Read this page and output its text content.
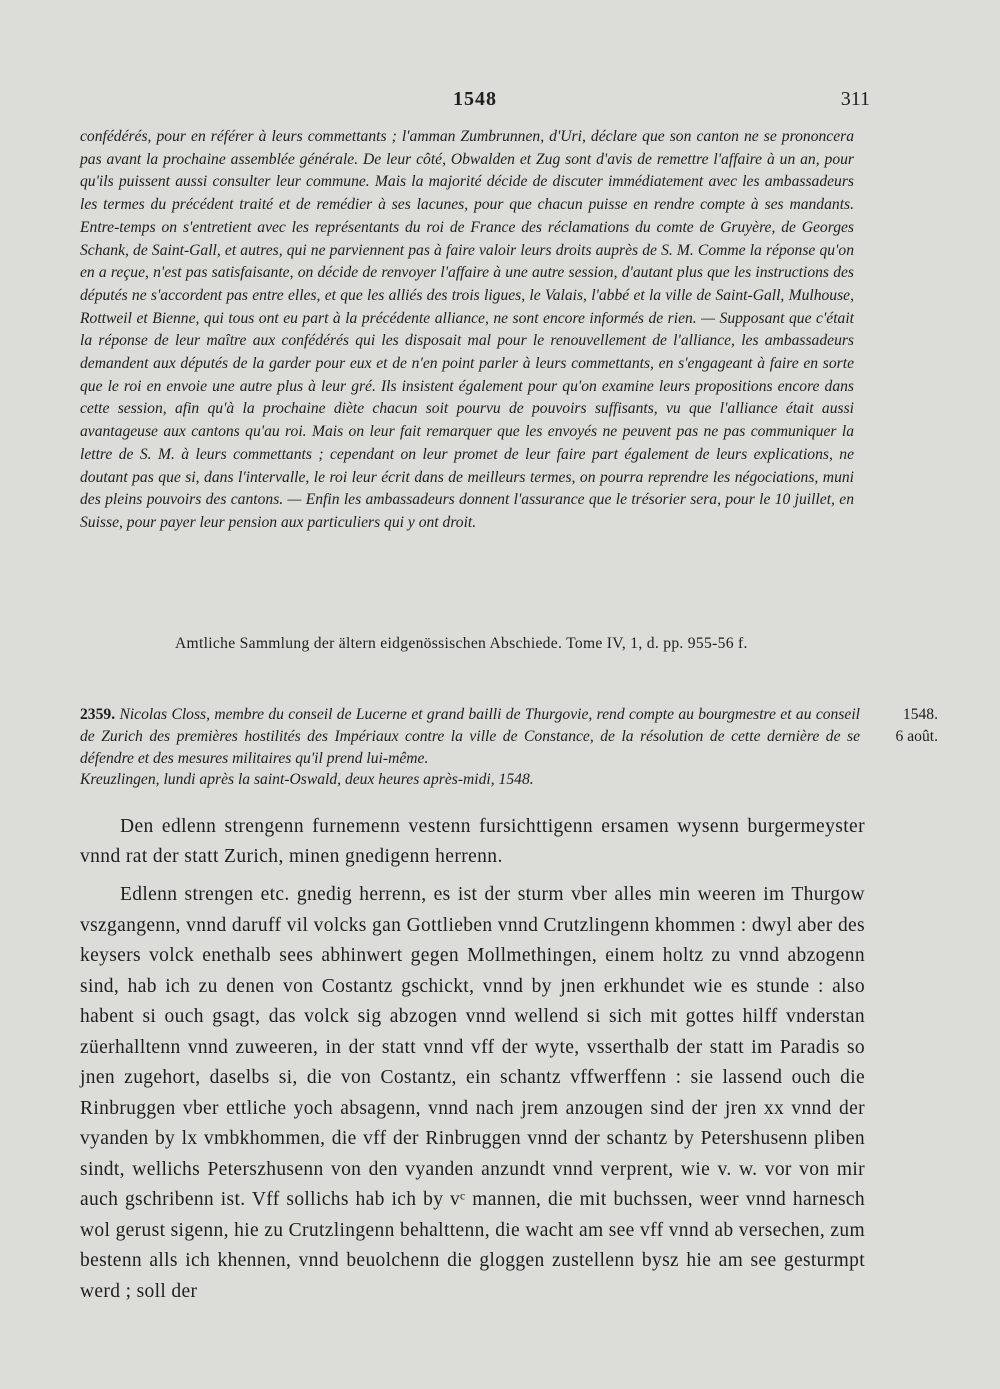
1548	311

confédérés, pour en référer à leurs commettants ; l'amman Zumbrunnen, d'Uri, déclare que son canton ne se prononcera pas avant la prochaine assemblée générale. De leur côté, Obwalden et Zug sont d'avis de remettre l'affaire à un an, pour qu'ils puissent aussi consulter leur commune. Mais la majorité décide de discuter immédiatement avec les ambassadeurs les termes du précédent traité et de remédier à ses lacunes, pour que chacun puisse en rendre compte à ses mandants. Entre-temps on s'entretient avec les représentants du roi de France des réclamations du comte de Gruyère, de Georges Schank, de Saint-Gall, et autres, qui ne parviennent pas à faire valoir leurs droits auprès de S. M. Comme la réponse qu'on en a reçue, n'est pas satisfaisante, on décide de renvoyer l'affaire à une autre session, d'autant plus que les instructions des députés ne s'accordent pas entre elles, et que les alliés des trois ligues, le Valais, l'abbé et la ville de Saint-Gall, Mulhouse, Rottweil et Bienne, qui tous ont eu part à la précédente alliance, ne sont encore informés de rien. — Supposant que c'était la réponse de leur maître aux confédérés qui les disposait mal pour le renouvellement de l'alliance, les ambassadeurs demandent aux députés de la garder pour eux et de n'en point parler à leurs commettants, en s'engageant à faire en sorte que le roi en envoie une autre plus à leur gré. Ils insistent également pour qu'on examine leurs propositions encore dans cette session, afin qu'à la prochaine diète chacun soit pourvu de pouvoirs suffisants, vu que l'alliance était aussi avantageuse aux cantons qu'au roi. Mais on leur fait remarquer que les envoyés ne peuvent pas ne pas communiquer la lettre de S. M. à leurs commettants ; cependant on leur promet de leur faire part également de leurs explications, ne doutant pas que si, dans l'intervalle, le roi leur écrit dans de meilleurs termes, on pourra reprendre les négociations, muni des pleins pouvoirs des cantons. — Enfin les ambassadeurs donnent l'assurance que le trésorier sera, pour le 10 juillet, en Suisse, pour payer leur pension aux particuliers qui y ont droit.

Amtliche Sammlung der ältern eidgenössischen Abschiede. Tome IV, 1, d. pp. 955-56 f.

2359. Nicolas Closs, membre du conseil de Lucerne et grand bailli de Thurgovie, rend compte au bourgmestre et au conseil de Zurich des premières hostilités des Impériaux contre la ville de Constance, de la résolution de cette dernière de se défendre et des mesures militaires qu'il prend lui-même.

1548.
6 août.

Kreuzlingen, lundi après la saint-Oswald, deux heures après-midi, 1548.

Den edlenn strengenn furnemenn vestenn fursichttigenn ersamen wysenn burgermeyster vnnd rat der statt Zurich, minen gnedigenn herrenn.

Edlenn strengen etc. gnedig herrenn, es ist der sturm vber alles min weeren im Thurgow vszgangenn, vnnd daruff vil volcks gan Gottlieben vnnd Crutzlingenn khommen : dwyl aber des keysers volck enethalb sees abhinwert gegen Mollmethingen, einem holtz zu vnnd abzogenn sind, hab ich zu denen von Costantz gschickt, vnnd by jnen erkhundet wie es stunde : also habent si ouch gsagt, das volck sig abzogen vnnd wellend si sich mit gottes hilff vnderstan züerhalltenn vnnd zuweeren, in der statt vnnd vff der wyte, vsserthalb der statt im Paradis so jnen zugehort, daselbs si, die von Costantz, ein schantz vffwerffenn : sie lassend ouch die Rinbruggen vber ettliche yoch absagenn, vnnd nach jrem anzougen sind der jren xx vnnd der vyanden by lx vmbkhommen, die vff der Rinbruggen vnnd der schantz by Petershusenn pliben sindt, wellichs Peterszhusenn von den vyanden anzundt vnnd verprent, wie v. w. vor von mir auch gschribenn ist. Vff sollichs hab ich by vᶜ mannen, die mit buchssen, weer vnnd harnesch wol gerust sigenn, hie zu Crutzlingenn behalttenn, die wacht am see vff vnnd ab versechen, zum bestenn alls ich khennen, vnnd beuolchenn die gloggen zustellenn bysz hie am see gesturmpt werd ; soll der
